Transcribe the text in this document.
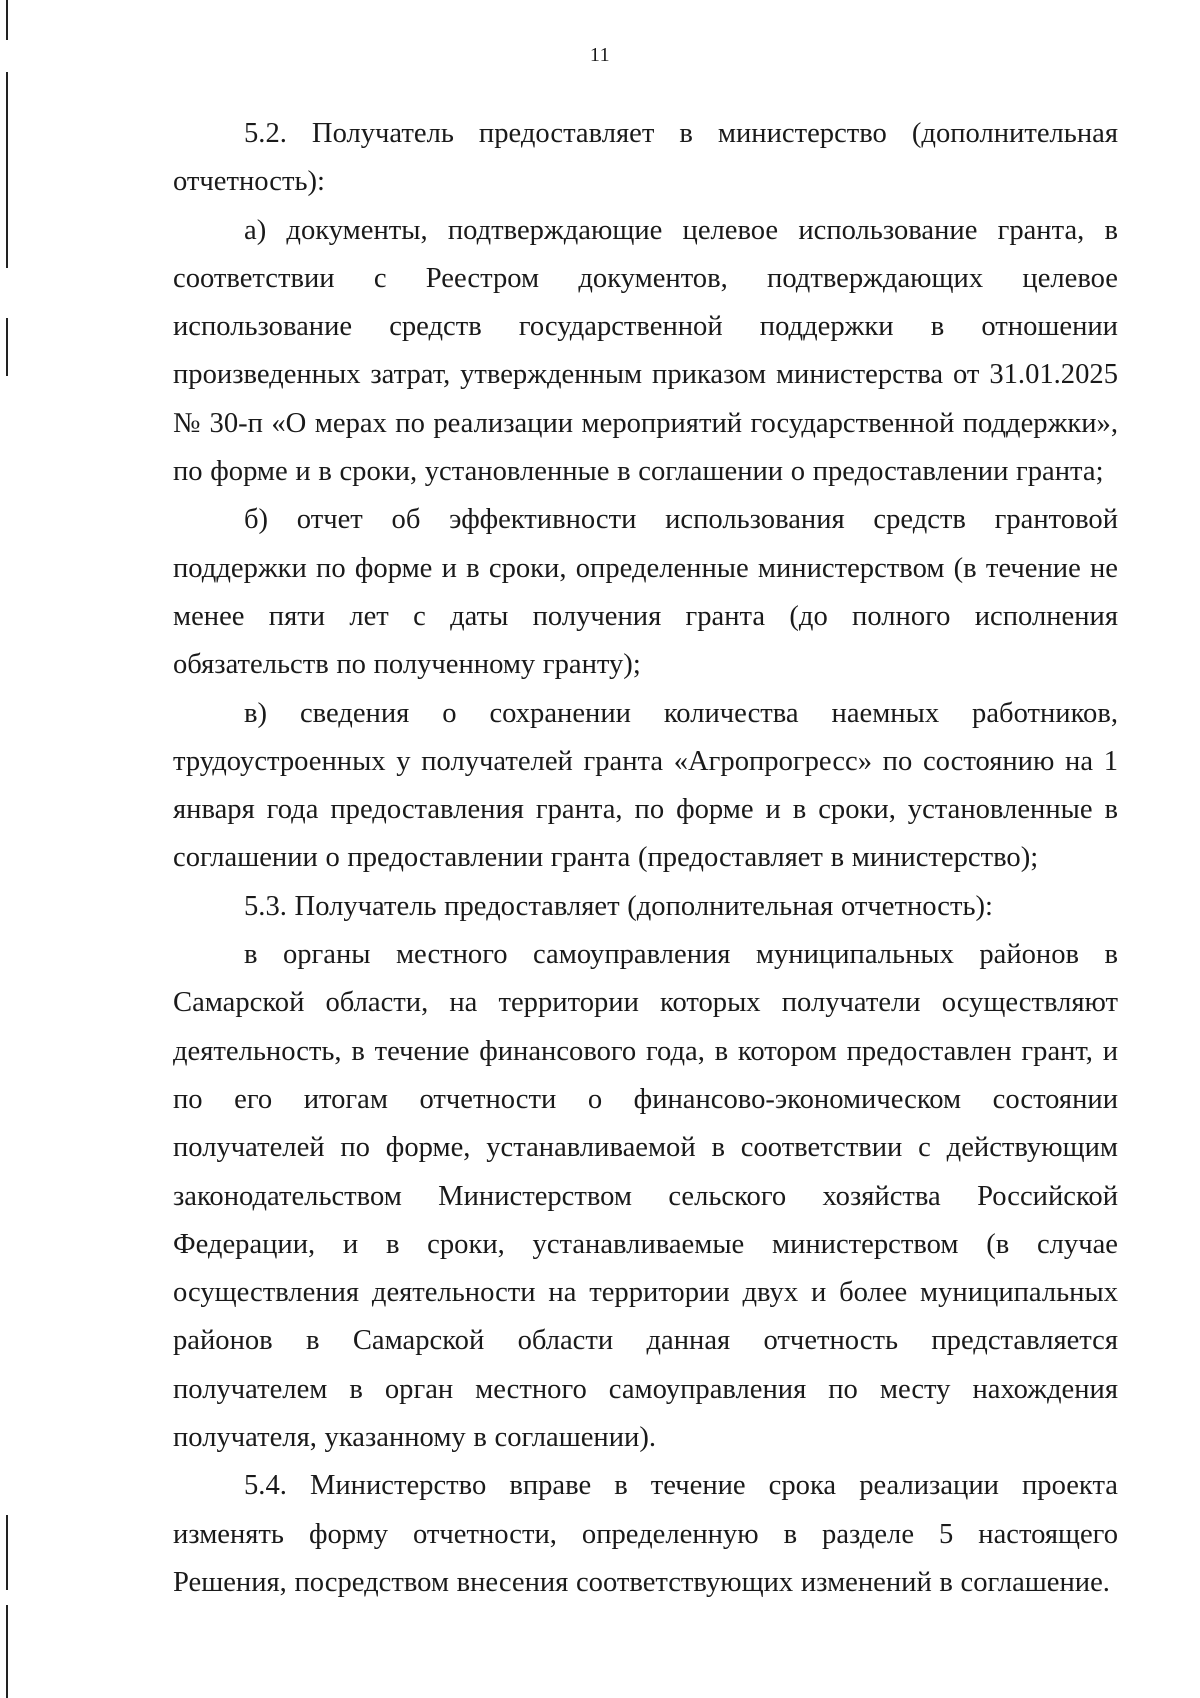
11

5.2. Получатель предоставляет в министерство (дополнительная отчетность):

а) документы, подтверждающие целевое использование гранта, в соответствии с Реестром документов, подтверждающих целевое использование средств государственной поддержки в отношении произведенных затрат, утвержденным приказом министерства от 31.01.2025 № 30-п «О мерах по реализации мероприятий государственной поддержки», по форме и в сроки, установленные в соглашении о предоставлении гранта;

б) отчет об эффективности использования средств грантовой поддержки по форме и в сроки, определенные министерством (в течение не менее пяти лет с даты получения гранта (до полного исполнения обязательств по полученному гранту);

в) сведения о сохранении количества наемных работников, трудоустроенных у получателей гранта «Агропрогресс» по состоянию на 1 января года предоставления гранта, по форме и в сроки, установленные в соглашении о предоставлении гранта (предоставляет в министерство);

5.3. Получатель предоставляет (дополнительная отчетность):

в органы местного самоуправления муниципальных районов в Самарской области, на территории которых получатели осуществляют деятельность, в течение финансового года, в котором предоставлен грант, и по его итогам отчетности о финансово-экономическом состоянии получателей по форме, устанавливаемой в соответствии с действующим законодательством Министерством сельского хозяйства Российской Федерации, и в сроки, устанавливаемые министерством (в случае осуществления деятельности на территории двух и более муниципальных районов в Самарской области данная отчетность представляется получателем в орган местного самоуправления по месту нахождения получателя, указанному в соглашении).

5.4. Министерство вправе в течение срока реализации проекта изменять форму отчетности, определенную в разделе 5 настоящего Решения, посредством внесения соответствующих изменений в соглашение.
